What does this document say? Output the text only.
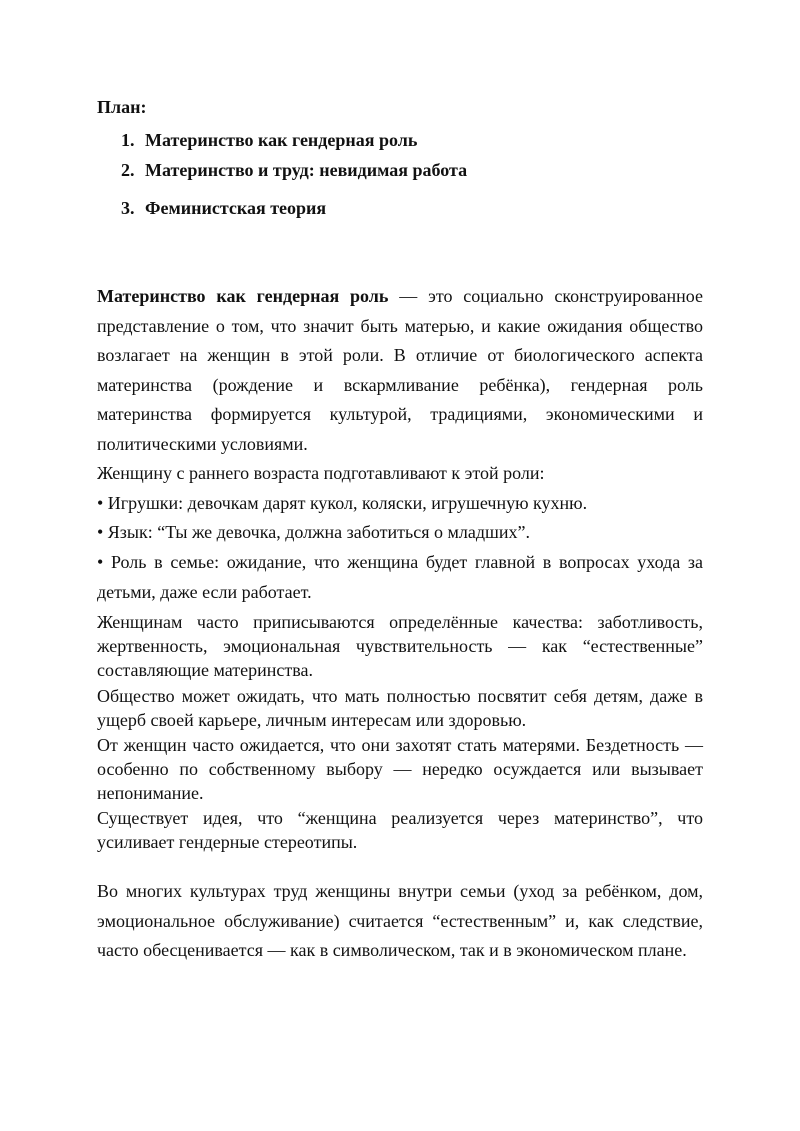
План:
1. Материнство как гендерная роль
2. Материнство и труд: невидимая работа
3. Феминистская теория

Материнство как гендерная роль — это социально сконструированное представление о том, что значит быть матерью, и какие ожидания общество возлагает на женщин в этой роли. В отличие от биологического аспекта материнства (рождение и вскармливание ребёнка), гендерная роль материнства формируется культурой, традициями, экономическими и политическими условиями.

Женщину с раннего возраста подготавливают к этой роли:

• Игрушки: девочкам дарят кукол, коляски, игрушечную кухню.

• Язык: “Ты же девочка, должна заботиться о младших”.

• Роль в семье: ожидание, что женщина будет главной в вопросах ухода за детьми, даже если работает.

Женщинам часто приписываются определённые качества: заботливость, жертвенность, эмоциональная чувствительность — как “естественные” составляющие материнства.

Общество может ожидать, что мать полностью посвятит себя детям, даже в ущерб своей карьере, личным интересам или здоровью.

От женщин часто ожидается, что они захотят стать матерями. Бездетность — особенно по собственному выбору — нередко осуждается или вызывает непонимание.

Существует идея, что “женщина реализуется через материнство”, что усиливает гендерные стереотипы.

Во многих культурах труд женщины внутри семьи (уход за ребёнком, дом, эмоциональное обслуживание) считается “естественным” и, как следствие, часто обесценивается — как в символическом, так и в экономическом плане.
